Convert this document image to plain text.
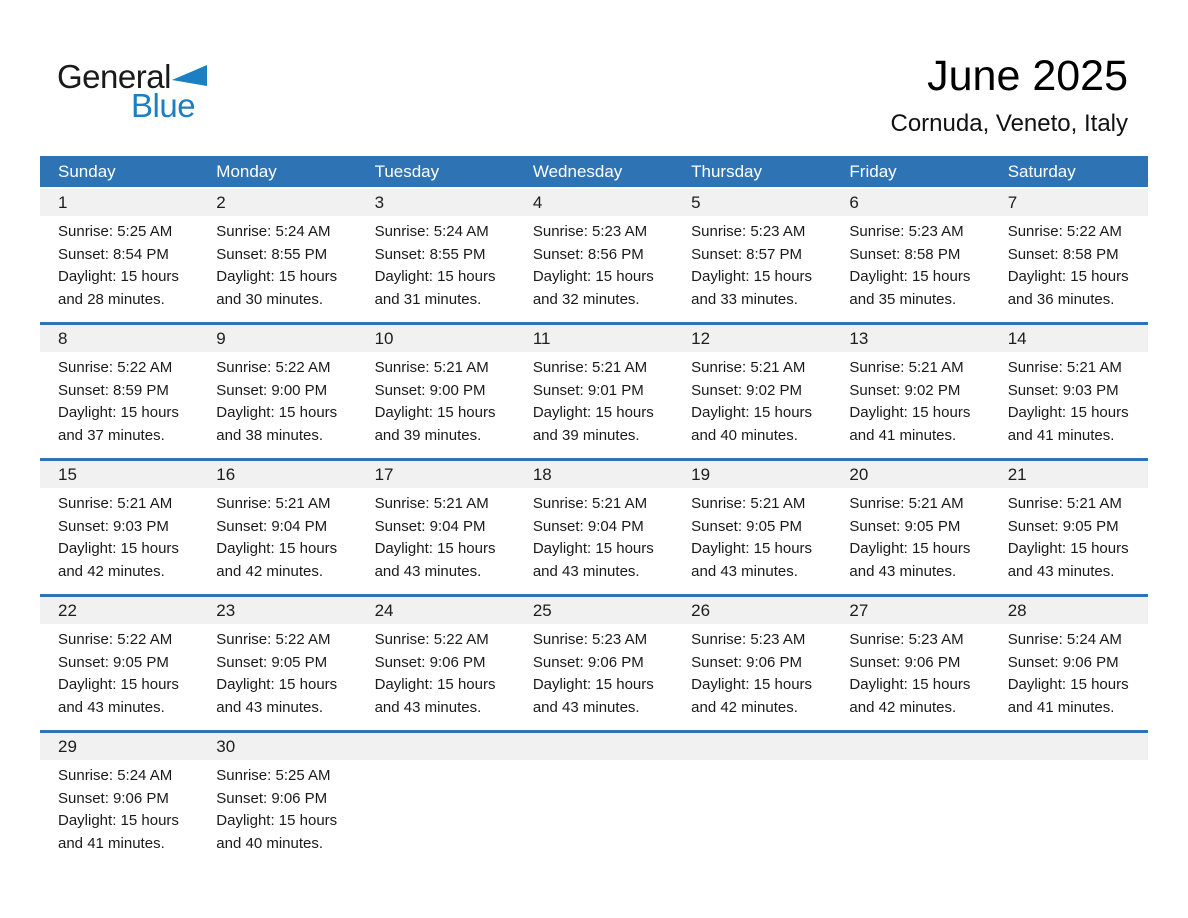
General
Blue
June 2025
Cornuda, Veneto, Italy
Sunday	Monday	Tuesday	Wednesday	Thursday	Friday	Saturday
1	2	3	4	5	6	7
Sunrise: 5:25 AM
Sunset: 8:54 PM
Daylight: 15 hours
and 28 minutes.
Sunrise: 5:24 AM
Sunset: 8:55 PM
Daylight: 15 hours
and 30 minutes.
Sunrise: 5:24 AM
Sunset: 8:55 PM
Daylight: 15 hours
and 31 minutes.
Sunrise: 5:23 AM
Sunset: 8:56 PM
Daylight: 15 hours
and 32 minutes.
Sunrise: 5:23 AM
Sunset: 8:57 PM
Daylight: 15 hours
and 33 minutes.
Sunrise: 5:23 AM
Sunset: 8:58 PM
Daylight: 15 hours
and 35 minutes.
Sunrise: 5:22 AM
Sunset: 8:58 PM
Daylight: 15 hours
and 36 minutes.
8	9	10	11	12	13	14
Sunrise: 5:22 AM
Sunset: 8:59 PM
Daylight: 15 hours
and 37 minutes.
Sunrise: 5:22 AM
Sunset: 9:00 PM
Daylight: 15 hours
and 38 minutes.
Sunrise: 5:21 AM
Sunset: 9:00 PM
Daylight: 15 hours
and 39 minutes.
Sunrise: 5:21 AM
Sunset: 9:01 PM
Daylight: 15 hours
and 39 minutes.
Sunrise: 5:21 AM
Sunset: 9:02 PM
Daylight: 15 hours
and 40 minutes.
Sunrise: 5:21 AM
Sunset: 9:02 PM
Daylight: 15 hours
and 41 minutes.
Sunrise: 5:21 AM
Sunset: 9:03 PM
Daylight: 15 hours
and 41 minutes.
15	16	17	18	19	20	21
Sunrise: 5:21 AM
Sunset: 9:03 PM
Daylight: 15 hours
and 42 minutes.
Sunrise: 5:21 AM
Sunset: 9:04 PM
Daylight: 15 hours
and 42 minutes.
Sunrise: 5:21 AM
Sunset: 9:04 PM
Daylight: 15 hours
and 43 minutes.
Sunrise: 5:21 AM
Sunset: 9:04 PM
Daylight: 15 hours
and 43 minutes.
Sunrise: 5:21 AM
Sunset: 9:05 PM
Daylight: 15 hours
and 43 minutes.
Sunrise: 5:21 AM
Sunset: 9:05 PM
Daylight: 15 hours
and 43 minutes.
Sunrise: 5:21 AM
Sunset: 9:05 PM
Daylight: 15 hours
and 43 minutes.
22	23	24	25	26	27	28
Sunrise: 5:22 AM
Sunset: 9:05 PM
Daylight: 15 hours
and 43 minutes.
Sunrise: 5:22 AM
Sunset: 9:05 PM
Daylight: 15 hours
and 43 minutes.
Sunrise: 5:22 AM
Sunset: 9:06 PM
Daylight: 15 hours
and 43 minutes.
Sunrise: 5:23 AM
Sunset: 9:06 PM
Daylight: 15 hours
and 43 minutes.
Sunrise: 5:23 AM
Sunset: 9:06 PM
Daylight: 15 hours
and 42 minutes.
Sunrise: 5:23 AM
Sunset: 9:06 PM
Daylight: 15 hours
and 42 minutes.
Sunrise: 5:24 AM
Sunset: 9:06 PM
Daylight: 15 hours
and 41 minutes.
29	30
Sunrise: 5:24 AM
Sunset: 9:06 PM
Daylight: 15 hours
and 41 minutes.
Sunrise: 5:25 AM
Sunset: 9:06 PM
Daylight: 15 hours
and 40 minutes.
